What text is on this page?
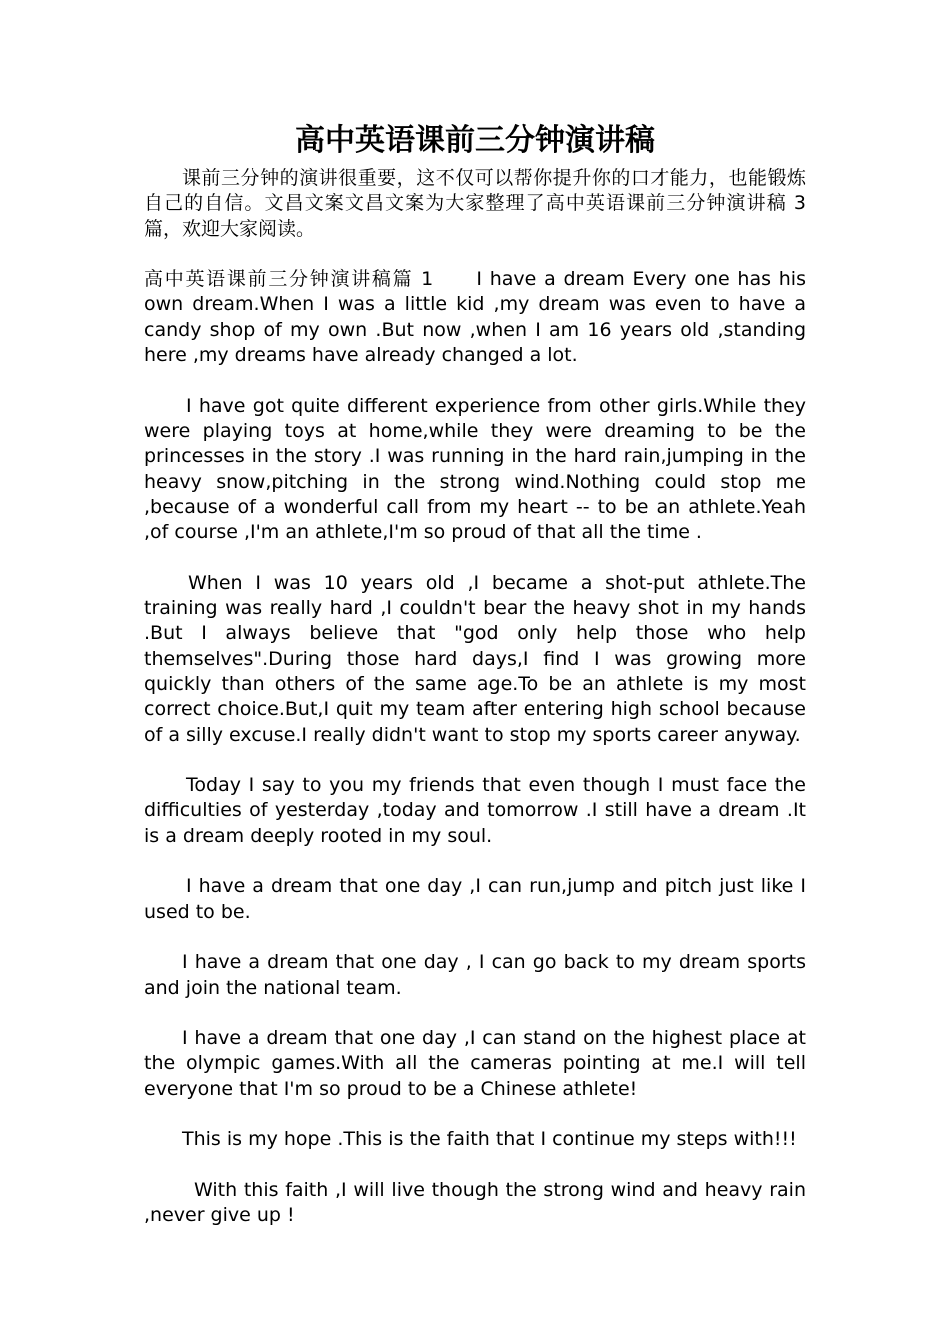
高中英语课前三分钟演讲稿

课前三分钟的演讲很重要，这不仅可以帮你提升你的口才能力，也能锻炼自己的自信。文昌文案文昌文案为大家整理了高中英语课前三分钟演讲稿 3 篇，欢迎大家阅读。

高中英语课前三分钟演讲稿篇 1　　I have a dream Every one has his own dream.When I was a little kid ,my dream was even to have a candy shop of my own .But now ,when I am 16 years old ,standing here ,my dreams have already changed a lot.

I have got quite different experience from other girls.While they were playing toys at home,while they were dreaming to be the princesses in the story .I was running in the hard rain,jumping in the heavy snow,pitching in the strong wind.Nothing could stop me ,because of a wonderful call from my heart -- to be an athlete.Yeah ,of course ,I'm an athlete,I'm so proud of that all the time .

When I was 10 years old ,I became a shot-put athlete.The training was really hard ,I couldn't bear the heavy shot in my hands .But I always believe that "god only help those who help themselves".During those hard days,I find I was growing more quickly than others of the same age.To be an athlete is my most correct choice.But,I quit my team after entering high school because of a silly excuse.I really didn't want to stop my sports career anyway.

Today I say to you my friends that even though I must face the difficulties of yesterday ,today and tomorrow .I still have a dream .It is a dream deeply rooted in my soul.

I have a dream that one day ,I can run,jump and pitch just like I used to be.

I have a dream that one day , I can go back to my dream sports and join the national team.

I have a dream that one day ,I can stand on the highest place at the olympic games.With all the cameras pointing at me.I will tell everyone that I'm so proud to be a Chinese athlete!

This is my hope .This is the faith that I continue my steps with!!!

With this faith ,I will live though the strong wind and heavy rain ,never give up !
